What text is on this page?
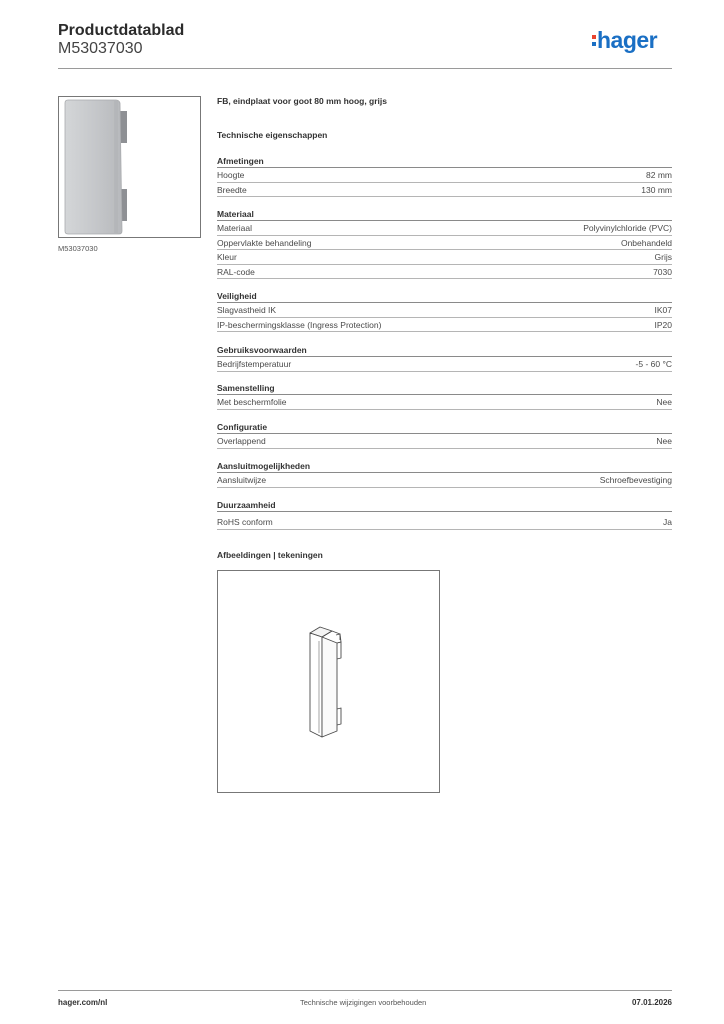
Productdatablad
M53037030	hager
M53037030
FB, eindplaat voor goot 80 mm hoog, grijs
Technische eigenschappen
Afmetingen
Hoogte	82 mm
Breedte	130 mm
Materiaal
Materiaal	Polyvinylchloride (PVC)
Oppervlakte behandeling	Onbehandeld
Kleur	Grijs
RAL-code	7030
Veiligheid
Slagvastheid IK	IK07
IP-beschermingsklasse (Ingress Protection)	IP20
Gebruiksvoorwaarden
Bedrijfstemperatuur	-5 - 60 °C
Samenstelling
Met beschermfolie	Nee
Configuratie
Overlappend	Nee
Aansluitmogelijkheden
Aansluitwijze	Schroefbevestiging
Duurzaamheid
RoHS conform	Ja
Afbeeldingen | tekeningen
hager.com/nl	Technische wijzigingen voorbehouden	07.01.2026
